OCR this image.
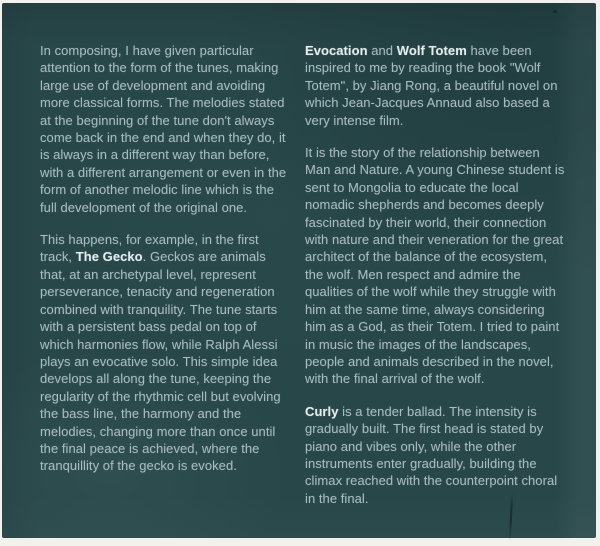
In composing, I have given particular attention to the form of the tunes, making large use of development and avoiding more classical forms. The melodies stated at the beginning of the tune don't always come back in the end and when they do, it is always in a different way than before, with a different arrangement or even in the form of another melodic line which is the full development of the original one.

This happens, for example, in the first track, The Gecko. Geckos are animals that, at an archetypal level, represent perseverance, tenacity and regeneration combined with tranquility. The tune starts with a persistent bass pedal on top of which harmonies flow, while Ralph Alessi plays an evocative solo. This simple idea develops all along the tune, keeping the regularity of the rhythmic cell but evolving the bass line, the harmony and the melodies, changing more than once until the final peace is achieved, where the tranquillity of the gecko is evoked.

Evocation and Wolf Totem have been inspired to me by reading the book "Wolf Totem", by Jiang Rong, a beautiful novel on which Jean-Jacques Annaud also based a very intense film.

It is the story of the relationship between Man and Nature. A young Chinese student is sent to Mongolia to educate the local nomadic shepherds and becomes deeply fascinated by their world, their connection with nature and their veneration for the great architect of the balance of the ecosystem, the wolf. Men respect and admire the qualities of the wolf while they struggle with him at the same time, always considering him as a God, as their Totem. I tried to paint in music the images of the landscapes, people and animals described in the novel, with the final arrival of the wolf.

Curly is a tender ballad. The intensity is gradually built. The first head is stated by piano and vibes only, while the other instruments enter gradually, building the climax reached with the counterpoint choral in the final.
